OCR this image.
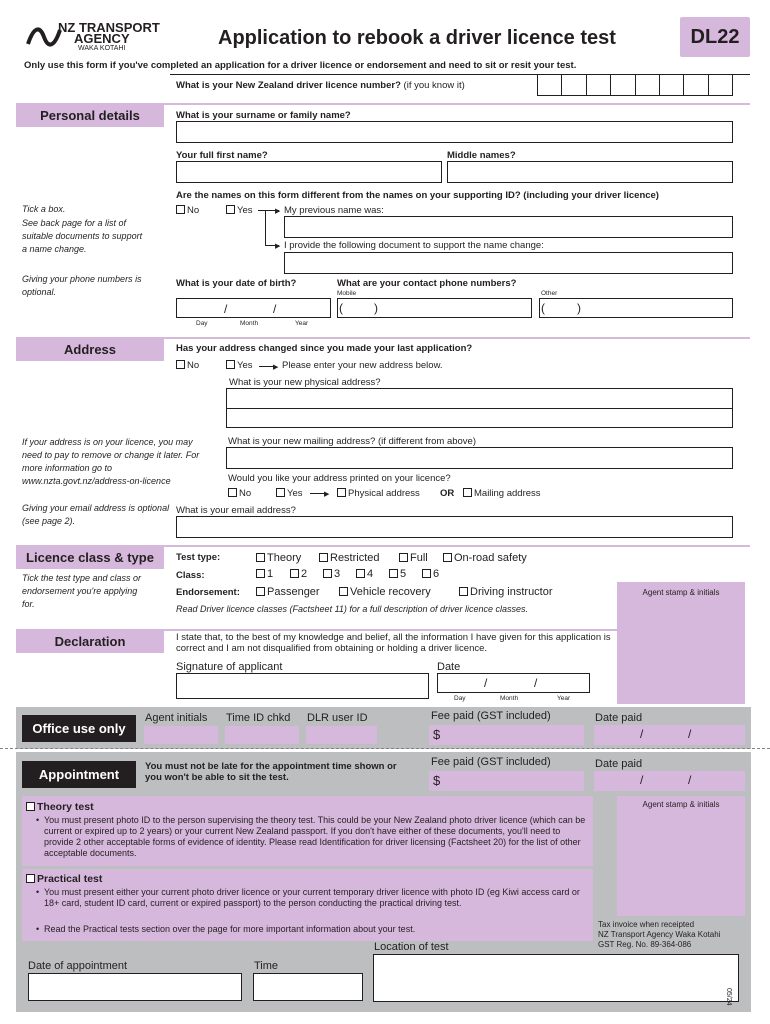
NZ TRANSPORT
AGENCY
WAKA KOTAHI	Application to rebook a driver licence test	DL22
Only use this form if you've completed an application for a driver licence or endorsement and need to sit or resit your test.
What is your New Zealand driver licence number? (if you know it)
Personal details	What is your surname or family name?
Your full first name?	Middle names?
Are the names on this form different from the names on your supporting ID? (including your driver licence)
Tick a box.
See back page for a list of suitable documents to support a name change.
Giving your phone numbers is optional.
No	Yes ▶
▶	My previous name was:
I provide the following document to support the name change:
What is your date of birth?	What are your contact phone numbers?
Mobile	Other
/	/
Day	Month	Year
(	)	(	)
Address	Has your address changed since you made your last application?
No	Yes ▶	Please enter your new address below.
What is your new physical address?
If your address is on your licence, you may need to pay to remove or change it later. For more information go to www.nzta.govt.nz/address-on-licence
What is your new mailing address? (if different from above)
Would you like your address printed on your licence?
No	Yes ▶	Physical address OR	Mailing address
Giving your email address is optional (see page 2).
What is your email address?
Licence class & type
Tick the test type and class or endorsement you're applying for.
Test type:	Theory	Restricted	Full	On-road safety
Class:	1	2	3	4	5	6
Endorsement:	Passenger	Vehicle recovery	Driving instructor
Read Driver licence classes (Factsheet 11) for a full description of driver licence classes.
Agent stamp & initials
Declaration	I state that, to the best of my knowledge and belief, all the information I have given for this application is correct and I am not disqualified from obtaining or holding a driver licence.
Signature of applicant	Date
/	/
Day	Month	Year
Office use only
Agent initials Time ID chkd DLR user ID	Fee paid (GST included)
$
Date paid
/	/
Appointment
You must not be late for the appointment time shown or you won't be able to sit the test.
Fee paid (GST included)
$
Date paid
/	/
Theory test
• You must present photo ID to the person supervising the theory test. This could be your New Zealand photo driver licence (which can be current or expired up to 2 years) or your current New Zealand passport. If you don't have either of these documents, you'll need to provide 2 other acceptable forms of evidence of identity. Please read Identification for driver licensing (Factsheet 20) for the list of other acceptable documents.
Practical test
• You must present either your current photo driver licence or your current temporary driver licence with photo ID (eg Kiwi access card or 18+ card, student ID card, current or expired passport) to the person conducting the practical driving test.
• Read the Practical tests section over the page for more important information about your test.
Agent stamp & initials
Tax invoice when receipted
NZ Transport Agency Waka Kotahi
GST Reg. No. 89-364-086
Location of test
Date of appointment	Time
05/24
